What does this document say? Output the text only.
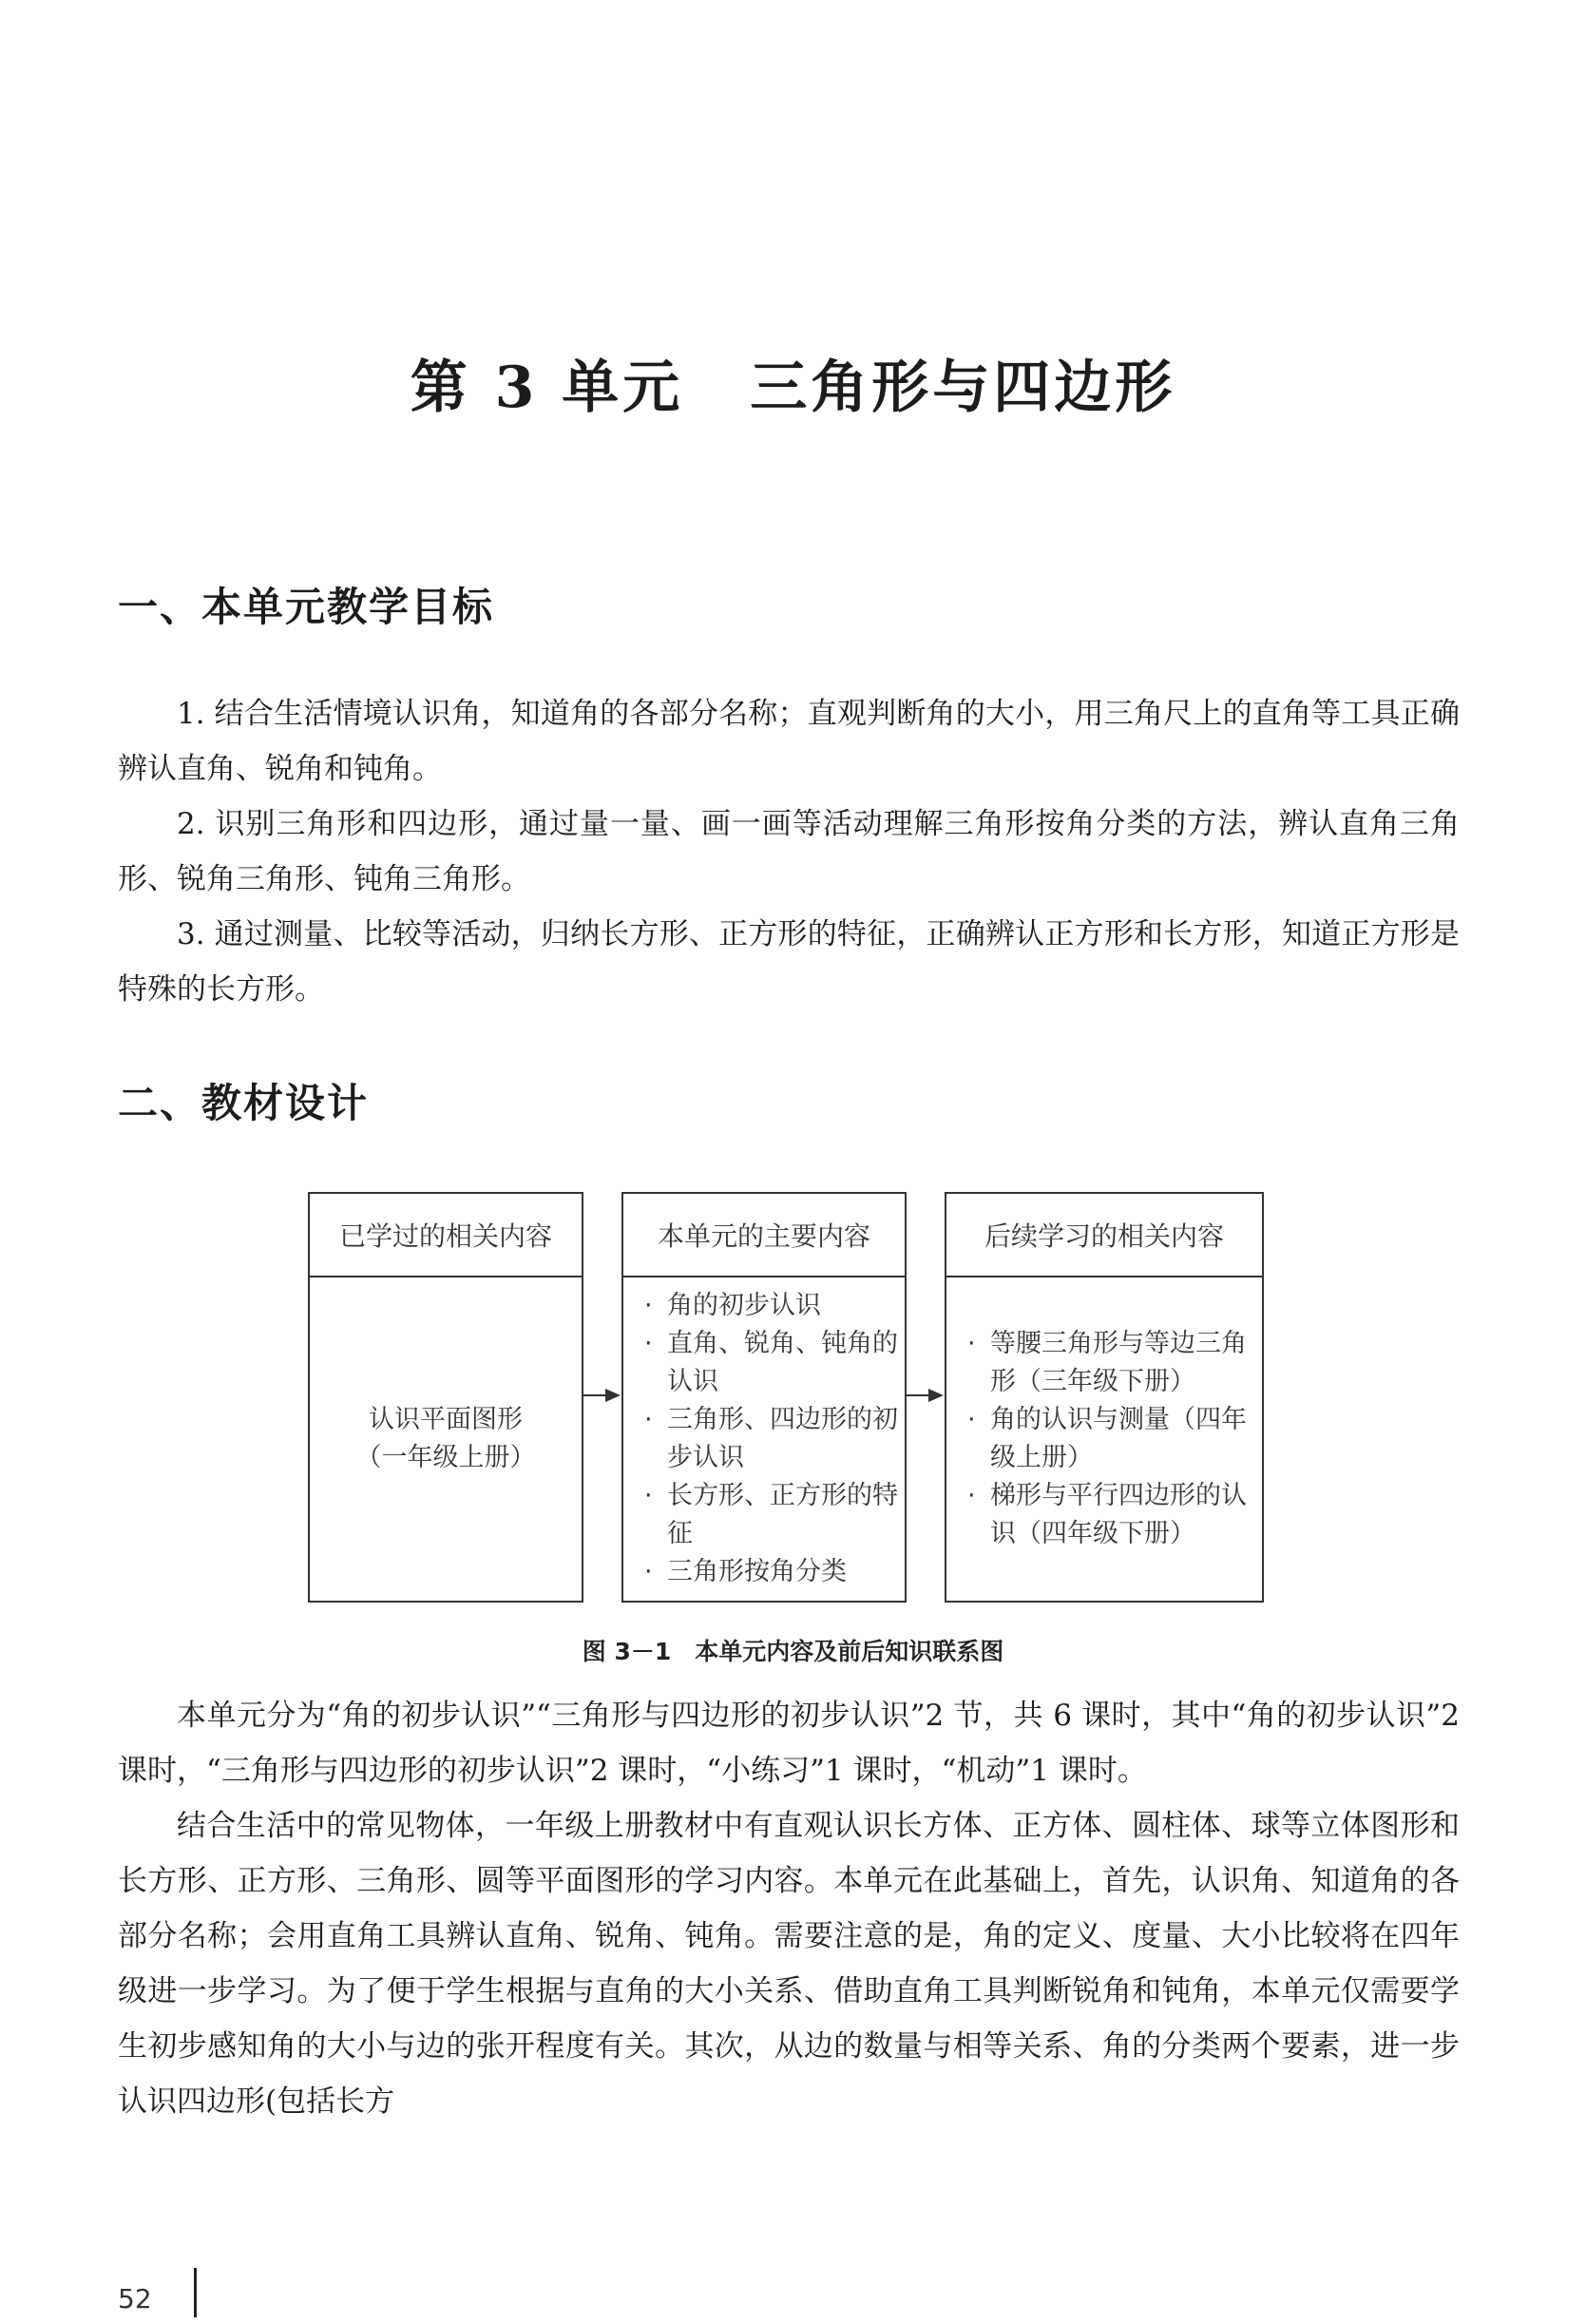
第 3 单元 三角形与四边形
一、本单元教学目标

1. 结合生活情境认识角，知道角的各部分名称；直观判断角的大小，用三角尺上的直角等工具正确辨认直角、锐角和钝角。

2. 识别三角形和四边形，通过量一量、画一画等活动理解三角形按角分类的方法，辨认直角三角形、锐角三角形、钝角三角形。

3. 通过测量、比较等活动，归纳长方形、正方形的特征，正确辨认正方形和长方形，知道正方形是特殊的长方形。

二、教材设计
已学过的相关内容
认识平面图形
（一年级上册）
本单元的主要内容
· 角的初步认识
· 直角、锐角、钝角的认识
· 三角形、四边形的初步认识
· 长方形、正方形的特征
· 三角形按角分类
后续学习的相关内容
· 等腰三角形与等边三角形（三年级下册）
· 角的认识与测量（四年级上册）
· 梯形与平行四边形的认识（四年级下册）
图 3－1　本单元内容及前后知识联系图

本单元分为“角的初步认识”“三角形与四边形的初步认识”2 节，共 6 课时，其中“角的初步认识”2 课时，“三角形与四边形的初步认识”2 课时，“小练习”1 课时，“机动”1 课时。

结合生活中的常见物体，一年级上册教材中有直观认识长方体、正方体、圆柱体、球等立体图形和长方形、正方形、三角形、圆等平面图形的学习内容。本单元在此基础上，首先，认识角、知道角的各部分名称；会用直角工具辨认直角、锐角、钝角。需要注意的是，角的定义、度量、大小比较将在四年级进一步学习。为了便于学生根据与直角的大小关系、借助直角工具判断锐角和钝角，本单元仅需要学生初步感知角的大小与边的张开程度有关。其次，从边的数量与相等关系、角的分类两个要素，进一步认识四边形(包括长方

52
